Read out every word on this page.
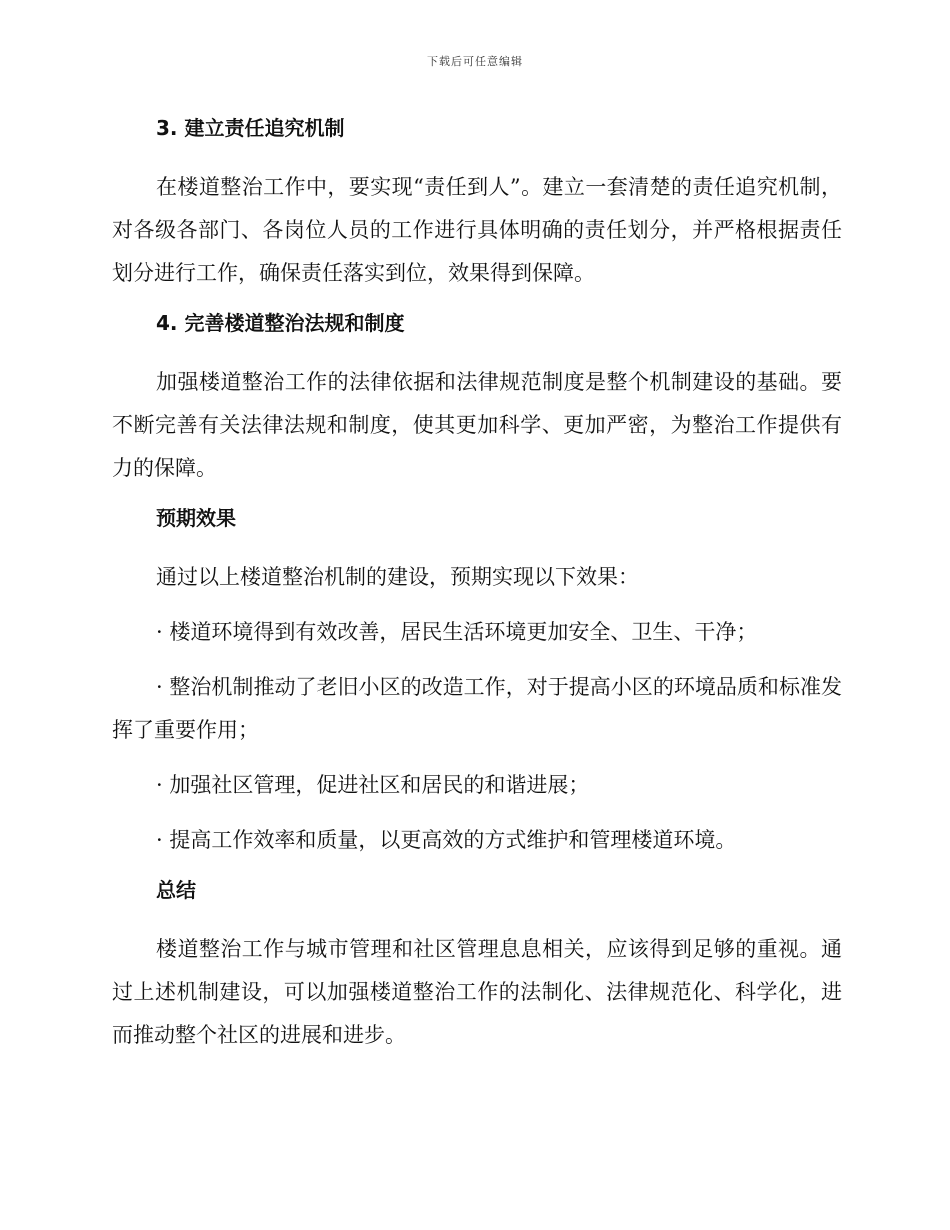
下载后可任意编辑
3. 建立责任追究机制

在楼道整治工作中，要实现“责任到人”。建立一套清楚的责任追究机制，对各级各部门、各岗位人员的工作进行具体明确的责任划分，并严格根据责任划分进行工作，确保责任落实到位，效果得到保障。

4. 完善楼道整治法规和制度

加强楼道整治工作的法律依据和法律规范制度是整个机制建设的基础。要不断完善有关法律法规和制度，使其更加科学、更加严密，为整治工作提供有力的保障。

预期效果

通过以上楼道整治机制的建设，预期实现以下效果：

· 楼道环境得到有效改善，居民生活环境更加安全、卫生、干净；

· 整治机制推动了老旧小区的改造工作，对于提高小区的环境品质和标准发挥了重要作用；

· 加强社区管理，促进社区和居民的和谐进展；

· 提高工作效率和质量，以更高效的方式维护和管理楼道环境。

总结

楼道整治工作与城市管理和社区管理息息相关，应该得到足够的重视。通过上述机制建设，可以加强楼道整治工作的法制化、法律规范化、科学化，进而推动整个社区的进展和进步。
